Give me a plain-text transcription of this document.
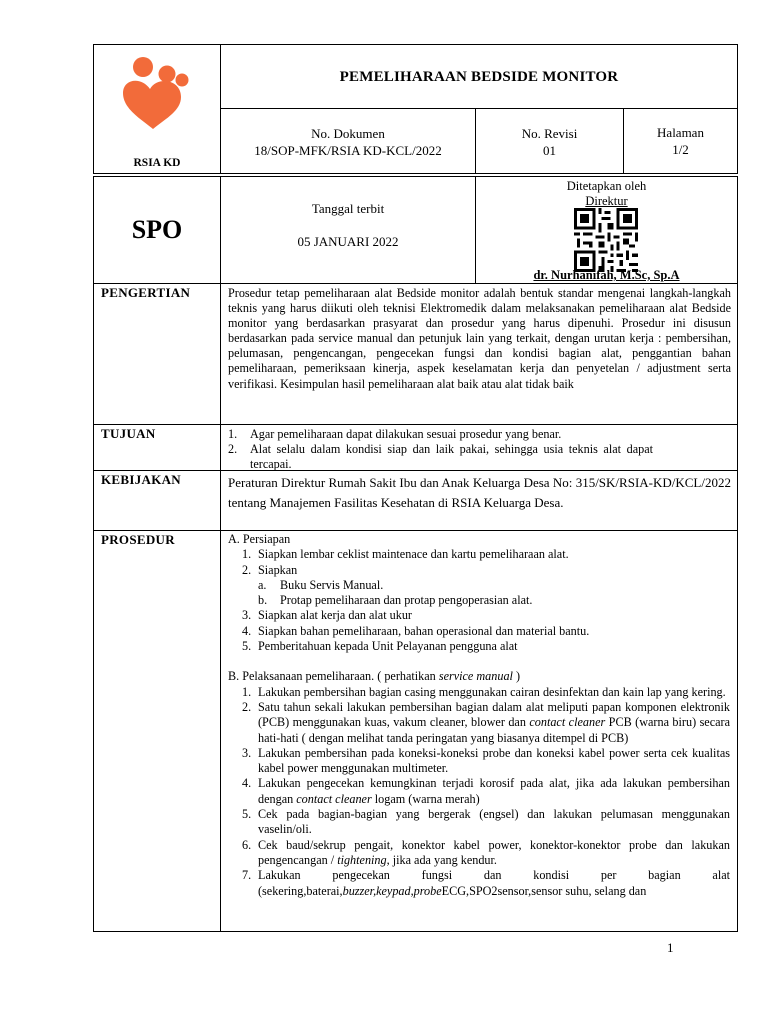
RSIA KD
PEMELIHARAAN BEDSIDE MONITOR
No. Dokumen
18/SOP-MFK/RSIA KD-KCL/2022
No. Revisi
01
Halaman
1/2
SPO
Tanggal terbit
05 JANUARI 2022
Ditetapkan oleh
Direktur
dr. Nurhanifah, M.Sc, Sp.A
PENGERTIAN	Prosedur tetap pemeliharaan alat Bedside monitor adalah bentuk standar mengenai langkah-langkah teknis yang harus diikuti oleh teknisi Elektromedik dalam melaksanakan pemeliharaan alat Bedside monitor yang berdasarkan prasyarat dan prosedur yang harus dipenuhi. Prosedur ini disusun berdasarkan pada service manual dan petunjuk lain yang terkait, dengan urutan kerja : pembersihan, pelumasan, pengencangan, pengecekan fungsi dan kondisi bagian alat, penggantian bahan pemeliharaan, pemeriksaan kinerja, aspek keselamatan kerja dan penyetelan / adjustment serta verifikasi. Kesimpulan hasil pemeliharaan alat baik atau alat tidak baik

TUJUAN	1. Agar pemeliharaan dapat dilakukan sesuai prosedur yang benar.
2. Alat selalu dalam kondisi siap dan laik pakai, sehingga usia teknis alat dapat tercapai.
KEBIJAKAN	Peraturan Direktur Rumah Sakit Ibu dan Anak Keluarga Desa No: 315/SK/RSIA-KD/KCL/2022 tentang Manajemen Fasilitas Kesehatan di RSIA Keluarga Desa.

PROSEDUR	A. Persiapan
1. Siapkan lembar ceklist maintenace dan kartu pemeliharaan alat.
2. Siapkan
a. Buku Servis Manual.
b. Protap pemeliharaan dan protap pengoperasian alat.
3. Siapkan alat kerja dan alat ukur
4. Siapkan bahan pemeliharaan, bahan operasional dan material bantu.
5. Pemberitahuan kepada Unit Pelayanan pengguna alat
B. Pelaksanaan pemeliharaan. ( perhatikan service manual )
1. Lakukan pembersihan bagian casing menggunakan cairan desinfektan dan kain lap yang kering.
2. Satu tahun sekali lakukan pembersihan bagian dalam alat meliputi papan komponen elektronik (PCB) menggunakan kuas, vakum cleaner, blower dan contact cleaner PCB (warna biru) secara hati-hati ( dengan melihat tanda peringatan yang biasanya ditempel di PCB)
3. Lakukan pembersihan pada koneksi-koneksi probe dan koneksi kabel power serta cek kualitas kabel power menggunakan multimeter.
4. Lakukan pengecekan kemungkinan terjadi korosif pada alat, jika ada lakukan pembersihan dengan contact cleaner logam (warna merah)
5. Cek pada bagian-bagian yang bergerak (engsel) dan lakukan pelumasan menggunakan vaselin/oli.
6. Cek baud/sekrup pengait, konektor kabel power, konektor-konektor probe dan lakukan pengencangan / tightening, jika ada yang kendur.
7. Lakukan pengecekan fungsi dan kondisi per bagian alat (sekering,baterai,buzzer,keypad,probeECG,SPO2sensor,sensor suhu, selang dan
1
